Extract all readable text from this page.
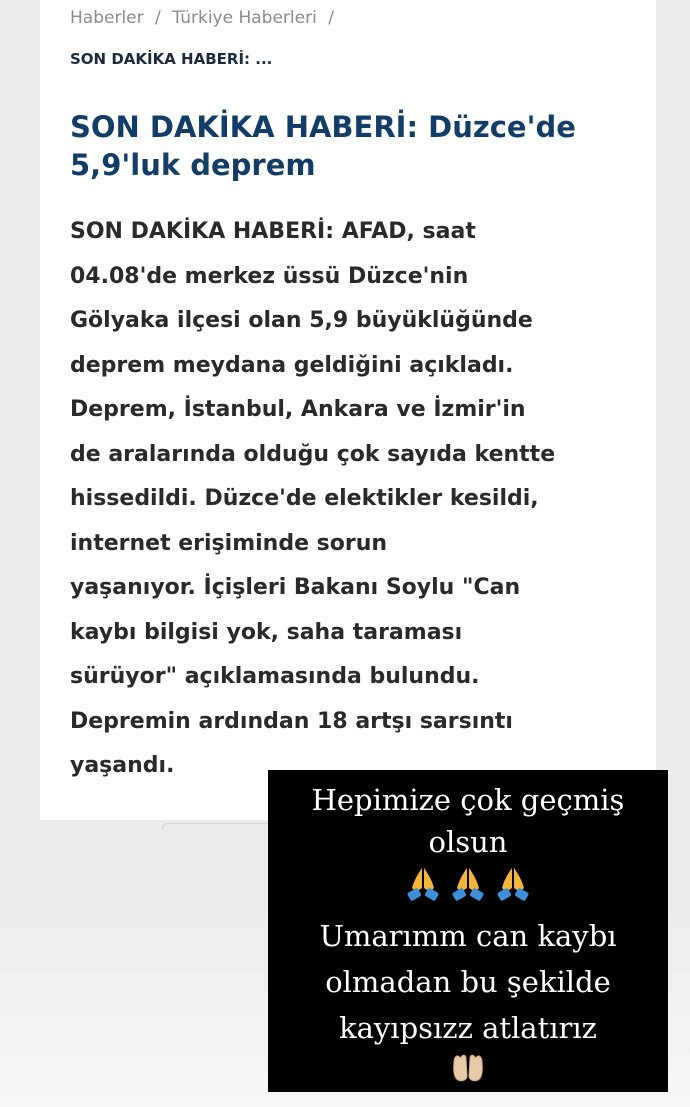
Haberler / Türkiye Haberleri /
SON DAKİKA HABERİ: ...
SON DAKİKA HABERİ: Düzce'de
5,9'luk deprem
SON DAKİKA HABERİ: AFAD, saat
04.08'de merkez üssü Düzce'nin
Gölyaka ilçesi olan 5,9 büyüklüğünde
deprem meydana geldiğini açıkladı.
Deprem, İstanbul, Ankara ve İzmir'in
de aralarında olduğu çok sayıda kentte
hissedildi. Düzce'de elektikler kesildi,
internet erişiminde sorun
yaşanıyor. İçişleri Bakanı Soylu "Can
kaybı bilgisi yok, saha taraması
sürüyor" açıklamasında bulundu.
Depremin ardından 18 artşı sarsıntı
yaşandı.
Hepimize çok geçmiş
olsun

Umarımm can kaybı
olmadan bu şekilde
kayıpsızz atlatırız
